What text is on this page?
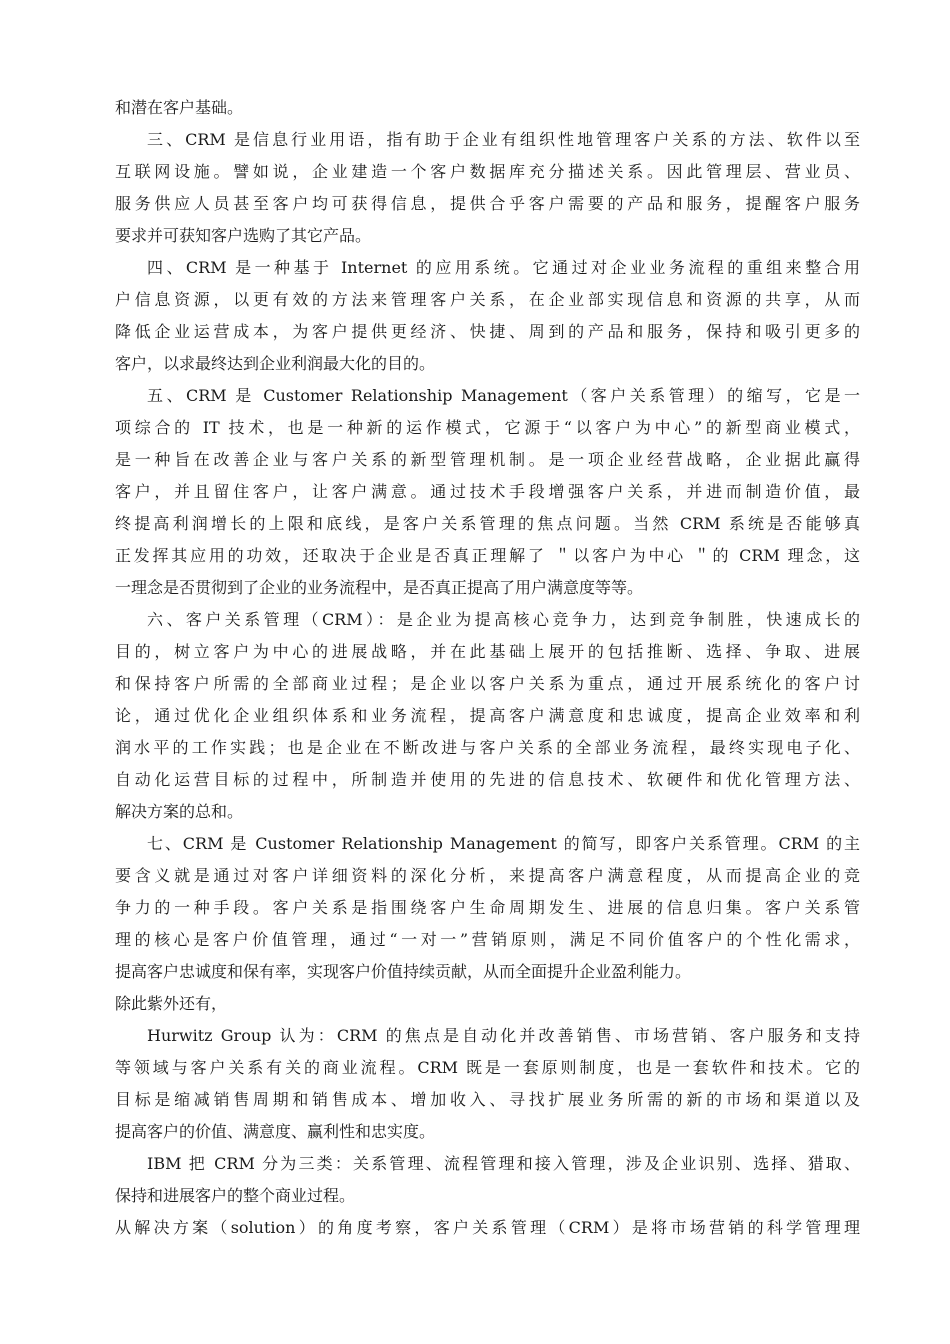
和潜在客户基础。
三、CRM 是信息行业用语，指有助于企业有组织性地管理客户关系的方法、软件以至
互联网设施。譬如说，企业建造一个客户数据库充分描述关系。因此管理层、营业员、
服务供应人员甚至客户均可获得信息，提供合乎客户需要的产品和服务，提醒客户服务
要求并可获知客户选购了其它产品。
四、CRM 是一种基于 Internet 的应用系统。它通过对企业业务流程的重组来整合用
户信息资源，以更有效的方法来管理客户关系，在企业部实现信息和资源的共享，从而
降低企业运营成本，为客户提供更经济、快捷、周到的产品和服务，保持和吸引更多的
客户，以求最终达到企业利润最大化的目的。
五、CRM 是 Customer Relationship Management（客户关系管理）的缩写，它是一
项综合的 IT 技术，也是一种新的运作模式，它源于“以客户为中心”的新型商业模式，
是一种旨在改善企业与客户关系的新型管理机制。是一项企业经营战略，企业据此赢得
客户，并且留住客户，让客户满意。通过技术手段增强客户关系，并进而制造价值，最
终提高利润增长的上限和底线，是客户关系管理的焦点问题。当然 CRM 系统是否能够真
正发挥其应用的功效，还取决于企业是否真正理解了 ＂以客户为中心 ＂的 CRM 理念，这
一理念是否贯彻到了企业的业务流程中，是否真正提高了用户满意度等等。
六、客户关系管理（CRM）：是企业为提高核心竞争力，达到竞争制胜，快速成长的
目的，树立客户为中心的进展战略，并在此基础上展开的包括推断、选择、争取、进展
和保持客户所需的全部商业过程；是企业以客户关系为重点，通过开展系统化的客户讨
论，通过优化企业组织体系和业务流程，提高客户满意度和忠诚度，提高企业效率和利
润水平的工作实践；也是企业在不断改进与客户关系的全部业务流程，最终实现电子化、
自动化运营目标的过程中，所制造并使用的先进的信息技术、软硬件和优化管理方法、
解决方案的总和。
七、CRM 是 Customer Relationship Management 的简写，即客户关系管理。CRM 的主
要含义就是通过对客户详细资料的深化分析，来提高客户满意程度，从而提高企业的竞
争力的一种手段。客户关系是指围绕客户生命周期发生、进展的信息归集。客户关系管
理的核心是客户价值管理，通过“一对一”营销原则，满足不同价值客户的个性化需求，
提高客户忠诚度和保有率，实现客户价值持续贡献，从而全面提升企业盈利能力。
除此紫外还有，
Hurwitz Group 认为：CRM 的焦点是自动化并改善销售、市场营销、客户服务和支持
等领域与客户关系有关的商业流程。CRM 既是一套原则制度，也是一套软件和技术。它的
目标是缩减销售周期和销售成本、增加收入、寻找扩展业务所需的新的市场和渠道以及
提高客户的价值、满意度、赢利性和忠实度。
IBM 把 CRM 分为三类：关系管理、流程管理和接入管理，涉及企业识别、选择、猎取、
保持和进展客户的整个商业过程。
从解决方案（solution）的角度考察，客户关系管理（CRM）是将市场营销的科学管理理
